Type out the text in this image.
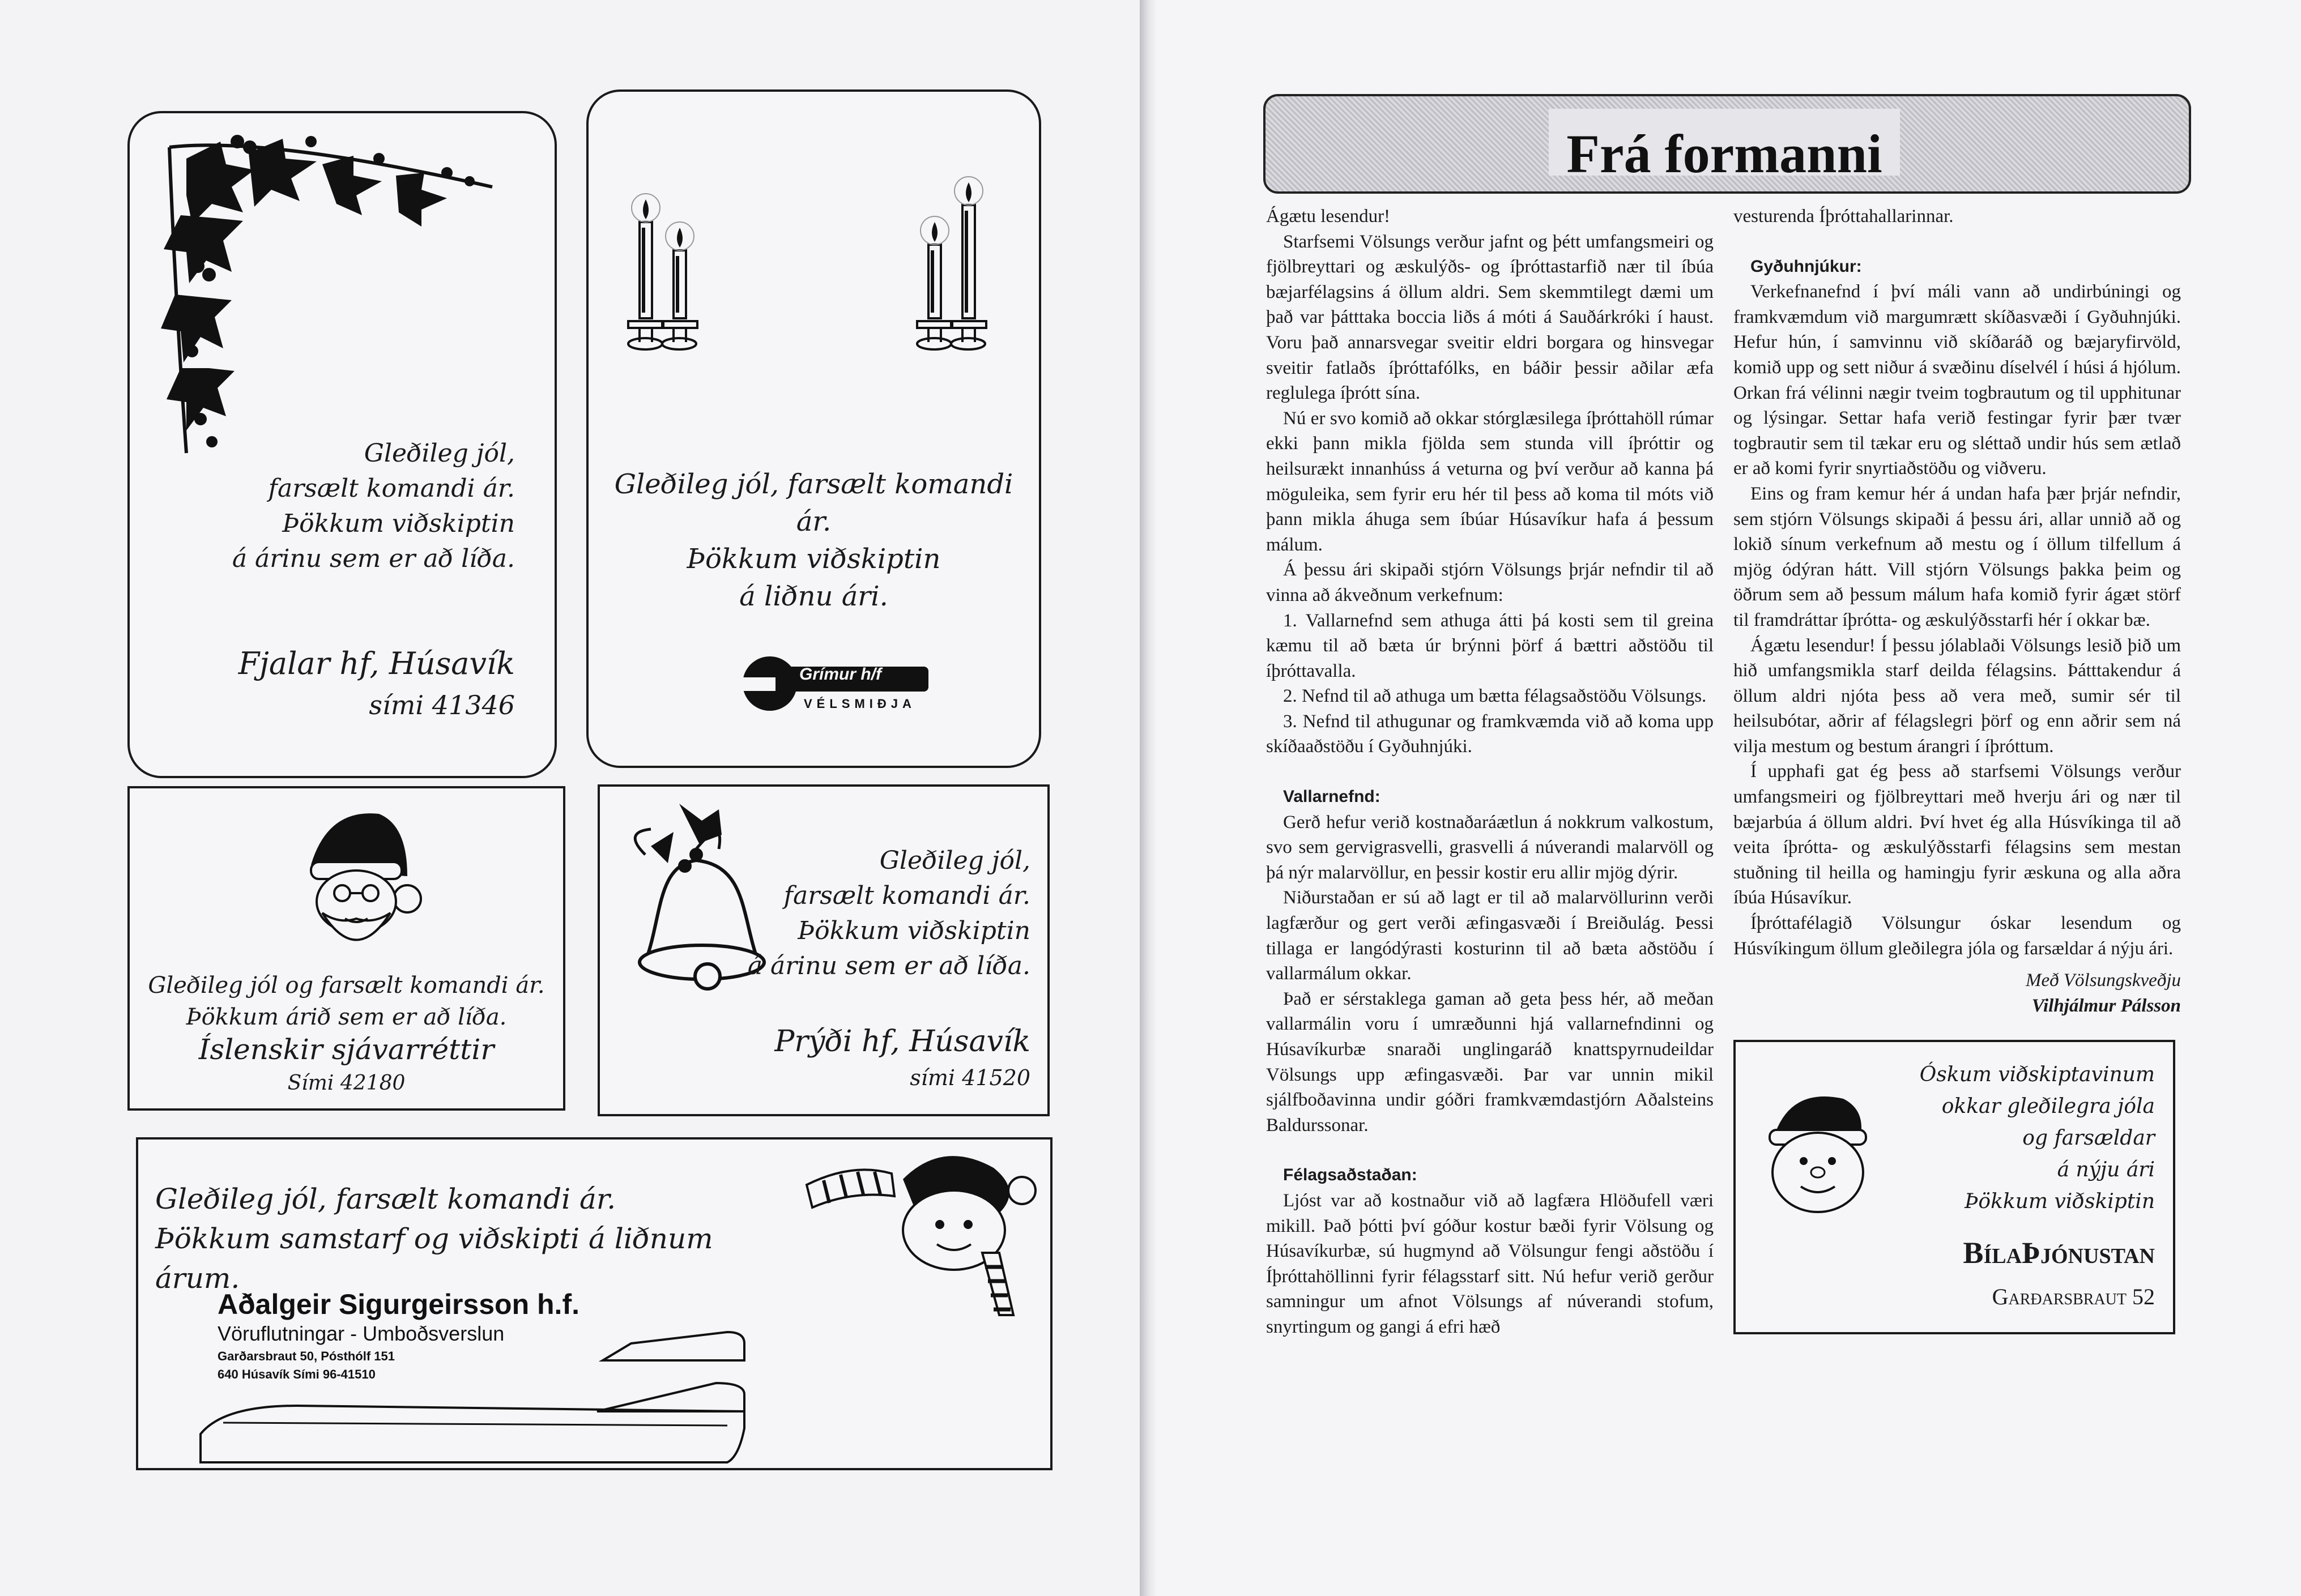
Gleðileg jól,
farsælt komandi ár.
Þökkum viðskiptin
á árinu sem er að líða.
Fjalar hf, Húsavík
sími 41346
Gleðileg jól, farsælt komandi ár.
Þökkum viðskiptin
á liðnu ári.
Grímur h/f
VÉLSMIÐJA
Gleðileg jól og farsælt komandi ár.
Þökkum árið sem er að líða.
Íslenskir sjávarréttir
Sími 42180
Gleðileg jól,
farsælt komandi ár.
Þökkum viðskiptin
á árinu sem er að líða.
Prýði hf, Húsavík
sími 41520
Gleðileg jól, farsælt komandi ár.
Þökkum samstarf og viðskipti á liðnum árum.
Aðalgeir Sigurgeirsson h.f.
Vöruflutningar - Umboðsverslun
Garðarsbraut 50, Pósthólf 151
640 Húsavík Sími 96-41510
Frá formanni

Ágætu lesendur!

Starfsemi Völsungs verður jafnt og þétt umfangsmeiri og fjölbreyttari og æskulýðs- og íþróttastarfið nær til íbúa bæjarfélagsins á öllum aldri. Sem skemmtilegt dæmi um það var þátttaka boccia liðs á móti á Sauðárkróki í haust. Voru það annarsvegar sveitir eldri borgara og hinsvegar sveitir fatlaðs íþróttafólks, en báðir þessir aðilar æfa reglulega íþrótt sína.

Nú er svo komið að okkar stórglæsilega íþróttahöll rúmar ekki þann mikla fjölda sem stunda vill íþróttir og heilsurækt innanhúss á veturna og því verður að kanna þá möguleika, sem fyrir eru hér til þess að koma til móts við þann mikla áhuga sem íbúar Húsavíkur hafa á þessum málum.

Á þessu ári skipaði stjórn Völsungs þrjár nefndir til að vinna að ákveðnum verkefnum:

1. Vallarnefnd sem athuga átti þá kosti sem til greina kæmu til að bæta úr brýnni þörf á bættri aðstöðu til íþróttavalla.

2. Nefnd til að athuga um bætta félagsaðstöðu Völsungs.

3. Nefnd til athugunar og framkvæmda við að koma upp skíðaaðstöðu í Gyðuhnjúki.

Vallarnefnd:

Gerð hefur verið kostnaðaráætlun á nokkrum valkostum, svo sem gervigrasvelli, grasvelli á núverandi malarvöll og þá nýr malarvöllur, en þessir kostir eru allir mjög dýrir.

Niðurstaðan er sú að lagt er til að malarvöllurinn verði lagfærður og gert verði æfingasvæði í Breiðulág. Þessi tillaga er langódýrasti kosturinn til að bæta aðstöðu í vallarmálum okkar.

Það er sérstaklega gaman að geta þess hér, að meðan vallarmálin voru í umræðunni hjá vallarnefndinni og Húsavíkurbæ snaraði unglingaráð knattspyrnudeildar Völsungs upp æfingasvæði. Þar var unnin mikil sjálfboðavinna undir góðri framkvæmdastjórn Aðalsteins Baldurssonar.

Félagsaðstaðan:

Ljóst var að kostnaður við að lagfæra Hlöðufell væri mikill. Það þótti því góður kostur bæði fyrir Völsung og Húsavíkurbæ, sú hugmynd að Völsungur fengi aðstöðu í Íþróttahöllinni fyrir félagsstarf sitt. Nú hefur verið gerður samningur um afnot Völsungs af núverandi stofum, snyrtingum og gangi á efri hæð

vesturenda Íþróttahallarinnar.

Gyðuhnjúkur:

Verkefnanefnd í því máli vann að undirbúningi og framkvæmdum við margumrætt skíðasvæði í Gyðuhnjúki. Hefur hún, í samvinnu við skíðaráð og bæjaryfirvöld, komið upp og sett niður á svæðinu díselvél í húsi á hjólum. Orkan frá vélinni nægir tveim togbrautum og til upphitunar og lýsingar. Settar hafa verið festingar fyrir þær tvær togbrautir sem til tækar eru og sléttað undir hús sem ætlað er að komi fyrir snyrtiaðstöðu og viðveru.

Eins og fram kemur hér á undan hafa þær þrjár nefndir, sem stjórn Völsungs skipaði á þessu ári, allar unnið að og lokið sínum verkefnum að mestu og í öllum tilfellum á mjög ódýran hátt. Vill stjórn Völsungs þakka þeim og öðrum sem að þessum málum hafa komið fyrir ágæt störf til framdráttar íþrótta- og æskulýðsstarfi hér í okkar bæ.

Ágætu lesendur! Í þessu jólablaði Völsungs lesið þið um hið umfangsmikla starf deilda félagsins. Þátttakendur á öllum aldri njóta þess að vera með, sumir sér til heilsubótar, aðrir af félagslegri þörf og enn aðrir sem ná vilja mestum og bestum árangri í íþróttum.

Í upphafi gat ég þess að starfsemi Völsungs verður umfangsmeiri og fjölbreyttari með hverju ári og nær til bæjarbúa á öllum aldri. Því hvet ég alla Húsvíkinga til að veita íþrótta- og æskulýðsstarfi félagsins sem mestan stuðning til heilla og hamingju fyrir æskuna og alla aðra íbúa Húsavíkur.

Íþróttafélagið Völsungur óskar lesendum og Húsvíkingum öllum gleðilegra jóla og farsældar á nýju ári.

Með Völsungskveðju

Vilhjálmur Pálsson

Óskum viðskiptavinum
okkar gleðilegra jóla
og farsældar
á nýju ári
Þökkum viðskiptin
BílaÞjónustan
Garðarsbraut 52
